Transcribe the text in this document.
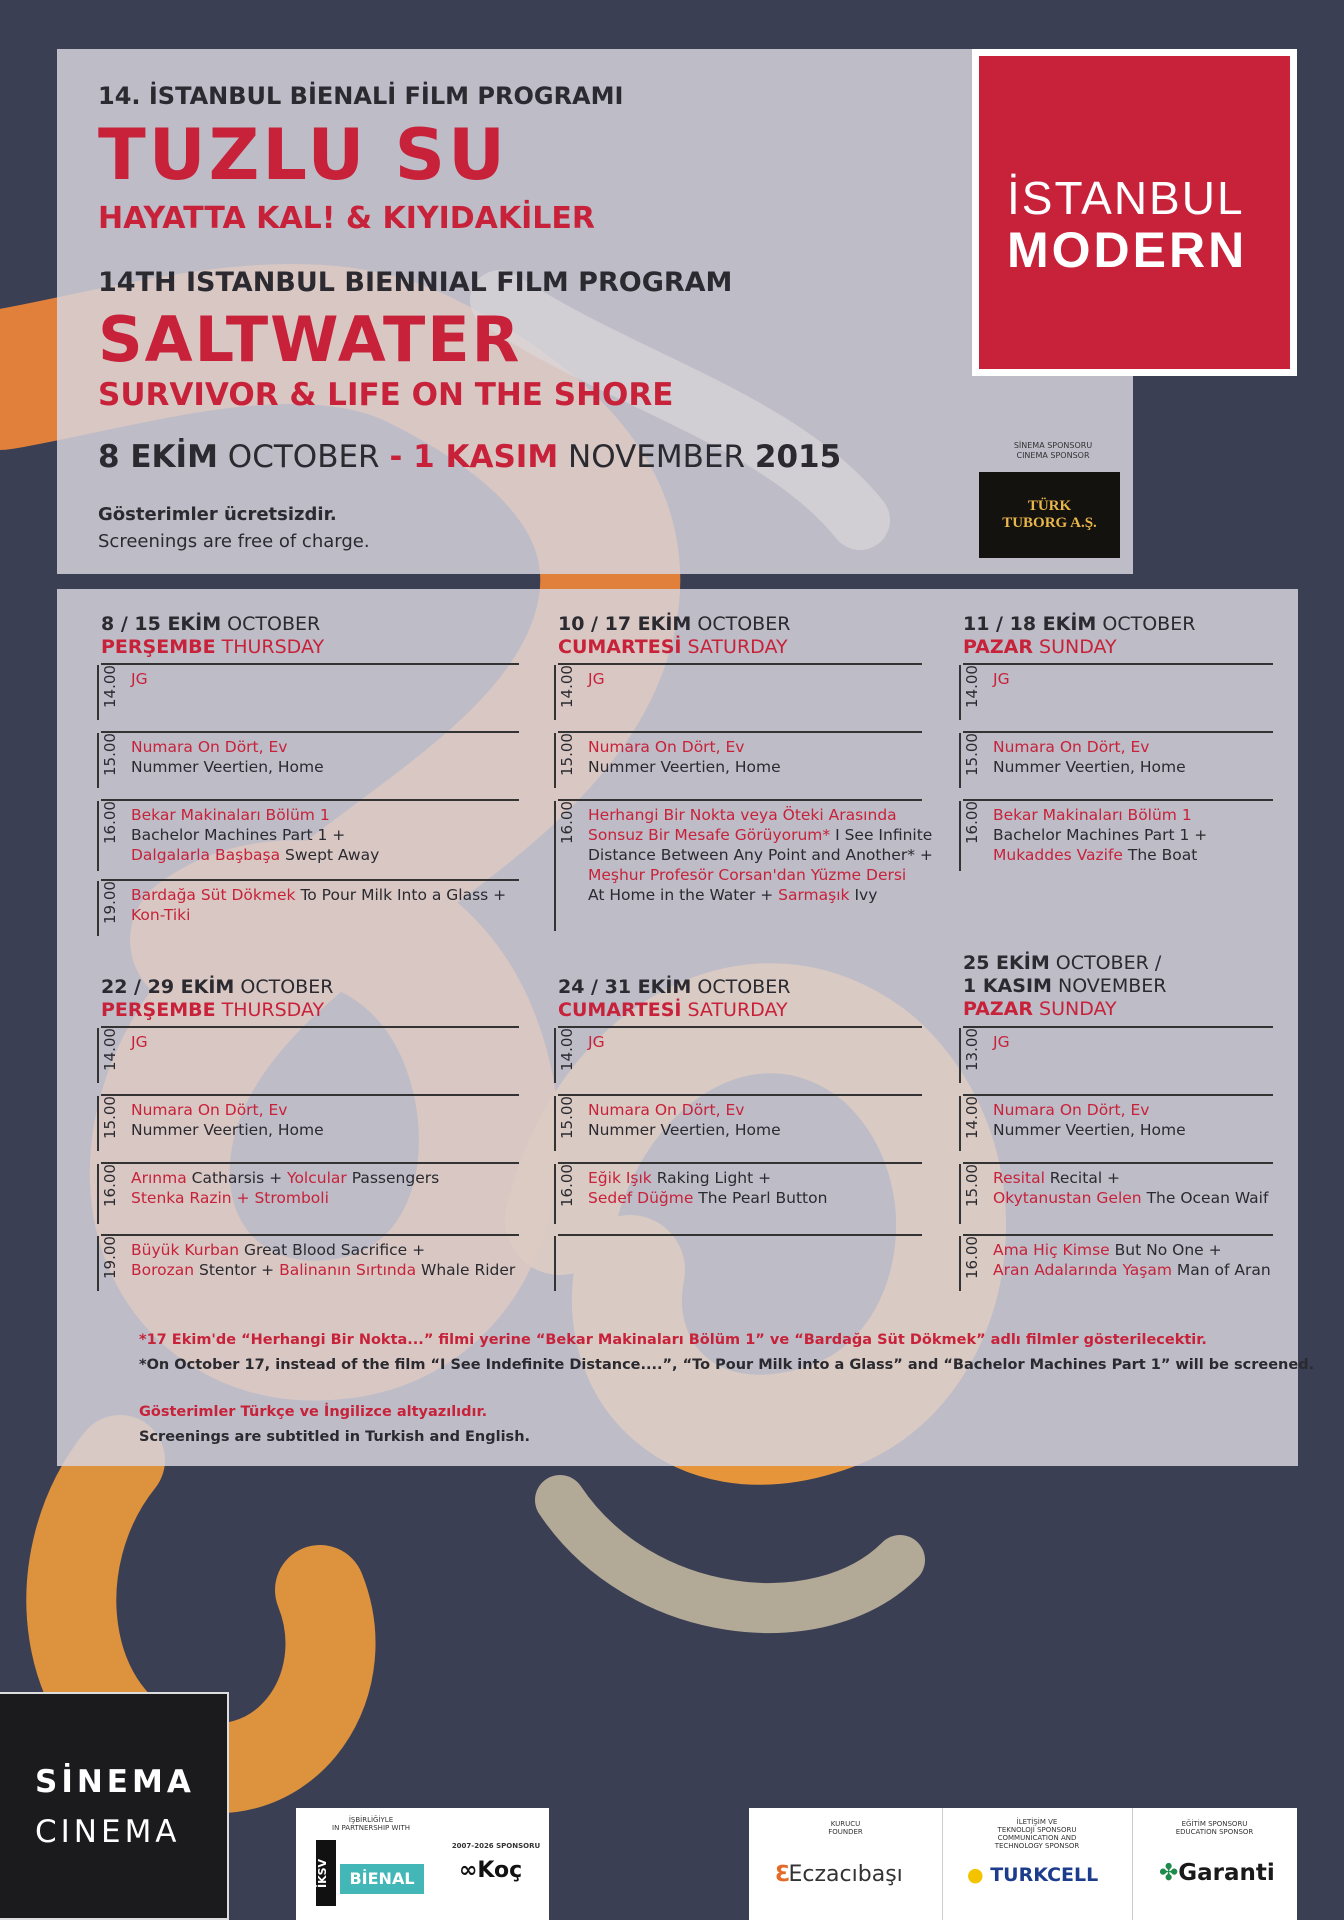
14. İSTANBUL BİENALİ FİLM PROGRAMI
TUZLU SU
HAYATTA KAL! & KIYIDAKİLER
14TH ISTANBUL BIENNIAL FILM PROGRAM
SALTWATER
SURVIVOR & LIFE ON THE SHORE
8 EKİM OCTOBER - 1 KASIM NOVEMBER 2015
Gösterimler ücretsizdir.
Screenings are free of charge.
İSTANBUL
MODERN
SİNEMA SPONSORU
CINEMA SPONSOR
TÜRK
TUBORG A.Ş.
8 / 15 EKİM OCTOBER
PERŞEMBE THURSDAY
14.00 JG
15.00 Numara On Dört, Ev
Nummer Veertien, Home
16.00 Bekar Makinaları Bölüm 1
Bachelor Machines Part 1 +
Dalgalarla Başbaşa Swept Away
19.00 Bardağa Süt Dökmek To Pour Milk Into a Glass +
Kon-Tiki
10 / 17 EKİM OCTOBER
CUMARTESİ SATURDAY
14.00 JG
15.00 Numara On Dört, Ev
Nummer Veertien, Home
16.00 Herhangi Bir Nokta veya Öteki Arasında
Sonsuz Bir Mesafe Görüyorum* I See Infinite
Distance Between Any Point and Another* +
Meşhur Profesör Corsan'dan Yüzme Dersi
At Home in the Water + Sarmaşık Ivy
11 / 18 EKİM OCTOBER
PAZAR SUNDAY
14.00 JG
15.00 Numara On Dört, Ev
Nummer Veertien, Home
16.00 Bekar Makinaları Bölüm 1
Bachelor Machines Part 1 +
Mukaddes Vazife The Boat
22 / 29 EKİM OCTOBER
PERŞEMBE THURSDAY
14.00 JG
15.00 Numara On Dört, Ev
Nummer Veertien, Home
16.00 Arınma Catharsis + Yolcular Passengers
Stenka Razin + Stromboli
19.00 Büyük Kurban Great Blood Sacrifice +
Borozan Stentor + Balinanın Sırtında Whale Rider
24 / 31 EKİM OCTOBER
CUMARTESİ SATURDAY
14.00 JG
15.00 Numara On Dört, Ev
Nummer Veertien, Home
16.00 Eğik Işık Raking Light +
Sedef Düğme The Pearl Button
25 EKİM OCTOBER /
1 KASIM NOVEMBER
PAZAR SUNDAY
13.00 JG
14.00 Numara On Dört, Ev
Nummer Veertien, Home
15.00 Resital Recital +
Okytanustan Gelen The Ocean Waif
16.00 Ama Hiç Kimse But No One +
Aran Adalarında Yaşam Man of Aran
*17 Ekim'de “Herhangi Bir Nokta...” filmi yerine “Bekar Makinaları Bölüm 1” ve “Bardağa Süt Dökmek” adlı filmler gösterilecektir.
*On October 17, instead of the film “I See Indefinite Distance....”, “To Pour Milk into a Glass” and “Bachelor Machines Part 1” will be screened.
Gösterimler Türkçe ve İngilizce altyazılıdır.
Screenings are subtitled in Turkish and English.
SİNEMA
CINEMA	İŞBİRLİĞİYLE
IN PARTNERSHIP WITH
İKSV	BİENAL
2007-2026 SPONSORU
∞Koç
KURUCU
FOUNDER
ℇEczacıbaşı
İLETİŞİM VE
TEKNOLOJİ SPONSORU
COMMUNICATION AND
TECHNOLOGY SPONSOR
● TURKCELL
EĞİTİM SPONSORU
EDUCATION SPONSOR
✤Garanti
